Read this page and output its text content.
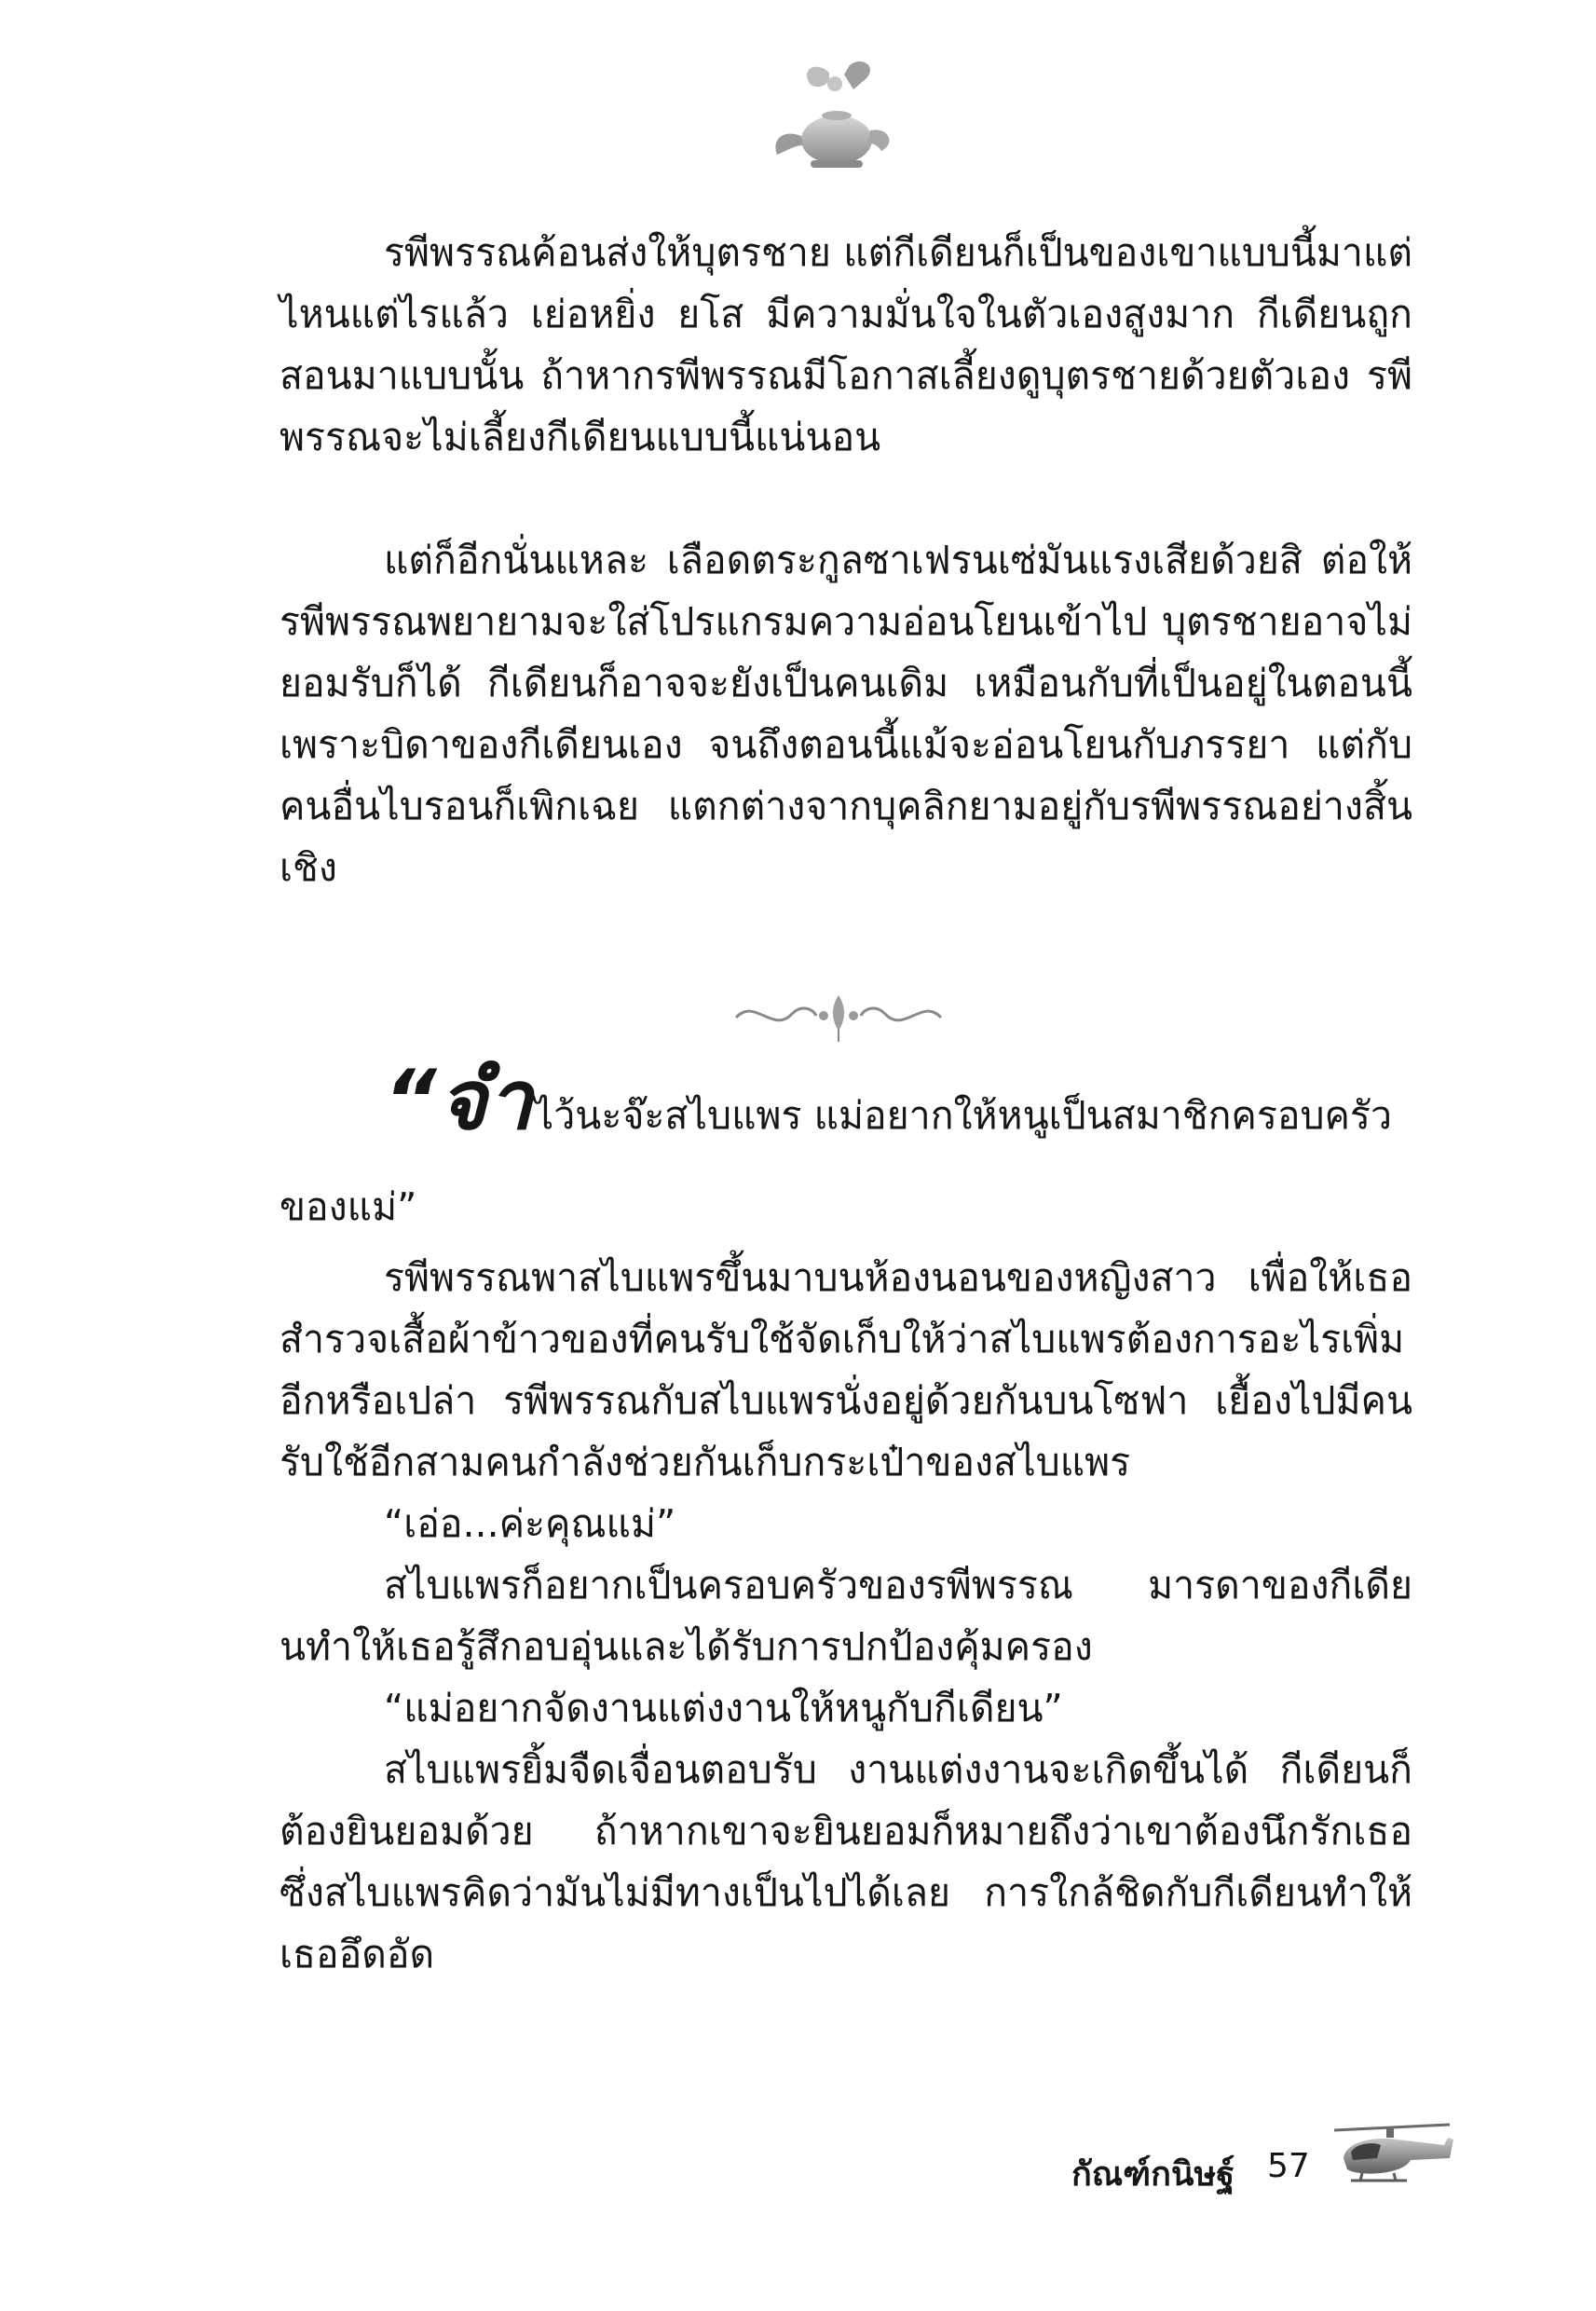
รพีพรรณค้อนส่งให้บุตรชาย แต่กีเดียนก็เป็นของเขาแบบนี้มาแต่ไหนแต่ไรแล้ว เย่อหยิ่ง ยโส มีความมั่นใจในตัวเองสูงมาก กีเดียนถูกสอนมาแบบนั้น ถ้าหากรพีพรรณมีโอกาสเลี้ยงดูบุตรชายด้วยตัวเอง รพีพรรณจะไม่เลี้ยงกีเดียนแบบนี้แน่นอน

แต่ก็อีกนั่นแหละ เลือดตระกูลซาเฟรนเซ่มันแรงเสียด้วยสิ ต่อให้รพีพรรณพยายามจะใส่โปรแกรมความอ่อนโยนเข้าไป บุตรชายอาจไม่ยอมรับก็ได้ กีเดียนก็อาจจะยังเป็นคนเดิม เหมือนกับที่เป็นอยู่ในตอนนี้ เพราะบิดาของกีเดียนเอง จนถึงตอนนี้แม้จะอ่อนโยนกับภรรยา แต่กับคนอื่นไบรอนก็เพิกเฉย แตกต่างจากบุคลิกยามอยู่กับรพีพรรณอย่างสิ้นเชิง

“จำไว้นะจ๊ะสไบแพร แม่อยากให้หนูเป็นสมาชิกครอบครัว

ของแม่”

รพีพรรณพาสไบแพรขึ้นมาบนห้องนอนของหญิงสาว เพื่อให้เธอสำรวจเสื้อผ้าข้าวของที่คนรับใช้จัดเก็บให้ว่าสไบแพรต้องการอะไรเพิ่มอีกหรือเปล่า รพีพรรณกับสไบแพรนั่งอยู่ด้วยกันบนโซฟา เยื้องไปมีคนรับใช้อีกสามคนกำลังช่วยกันเก็บกระเป๋าของสไบแพร

“เอ่อ...ค่ะคุณแม่”

สไบแพรก็อยากเป็นครอบครัวของรพีพรรณ มารดาของกีเดียนทำให้เธอรู้สึกอบอุ่นและได้รับการปกป้องคุ้มครอง

“แม่อยากจัดงานแต่งงานให้หนูกับกีเดียน”

สไบแพรยิ้มจืดเจื่อนตอบรับ งานแต่งงานจะเกิดขึ้นได้ กีเดียนก็ต้องยินยอมด้วย ถ้าหากเขาจะยินยอมก็หมายถึงว่าเขาต้องนึกรักเธอ ซึ่งสไบแพรคิดว่ามันไม่มีทางเป็นไปได้เลย การใกล้ชิดกับกีเดียนทำให้เธออึดอัด

กัณฑ์กนิษฐ์ 57
